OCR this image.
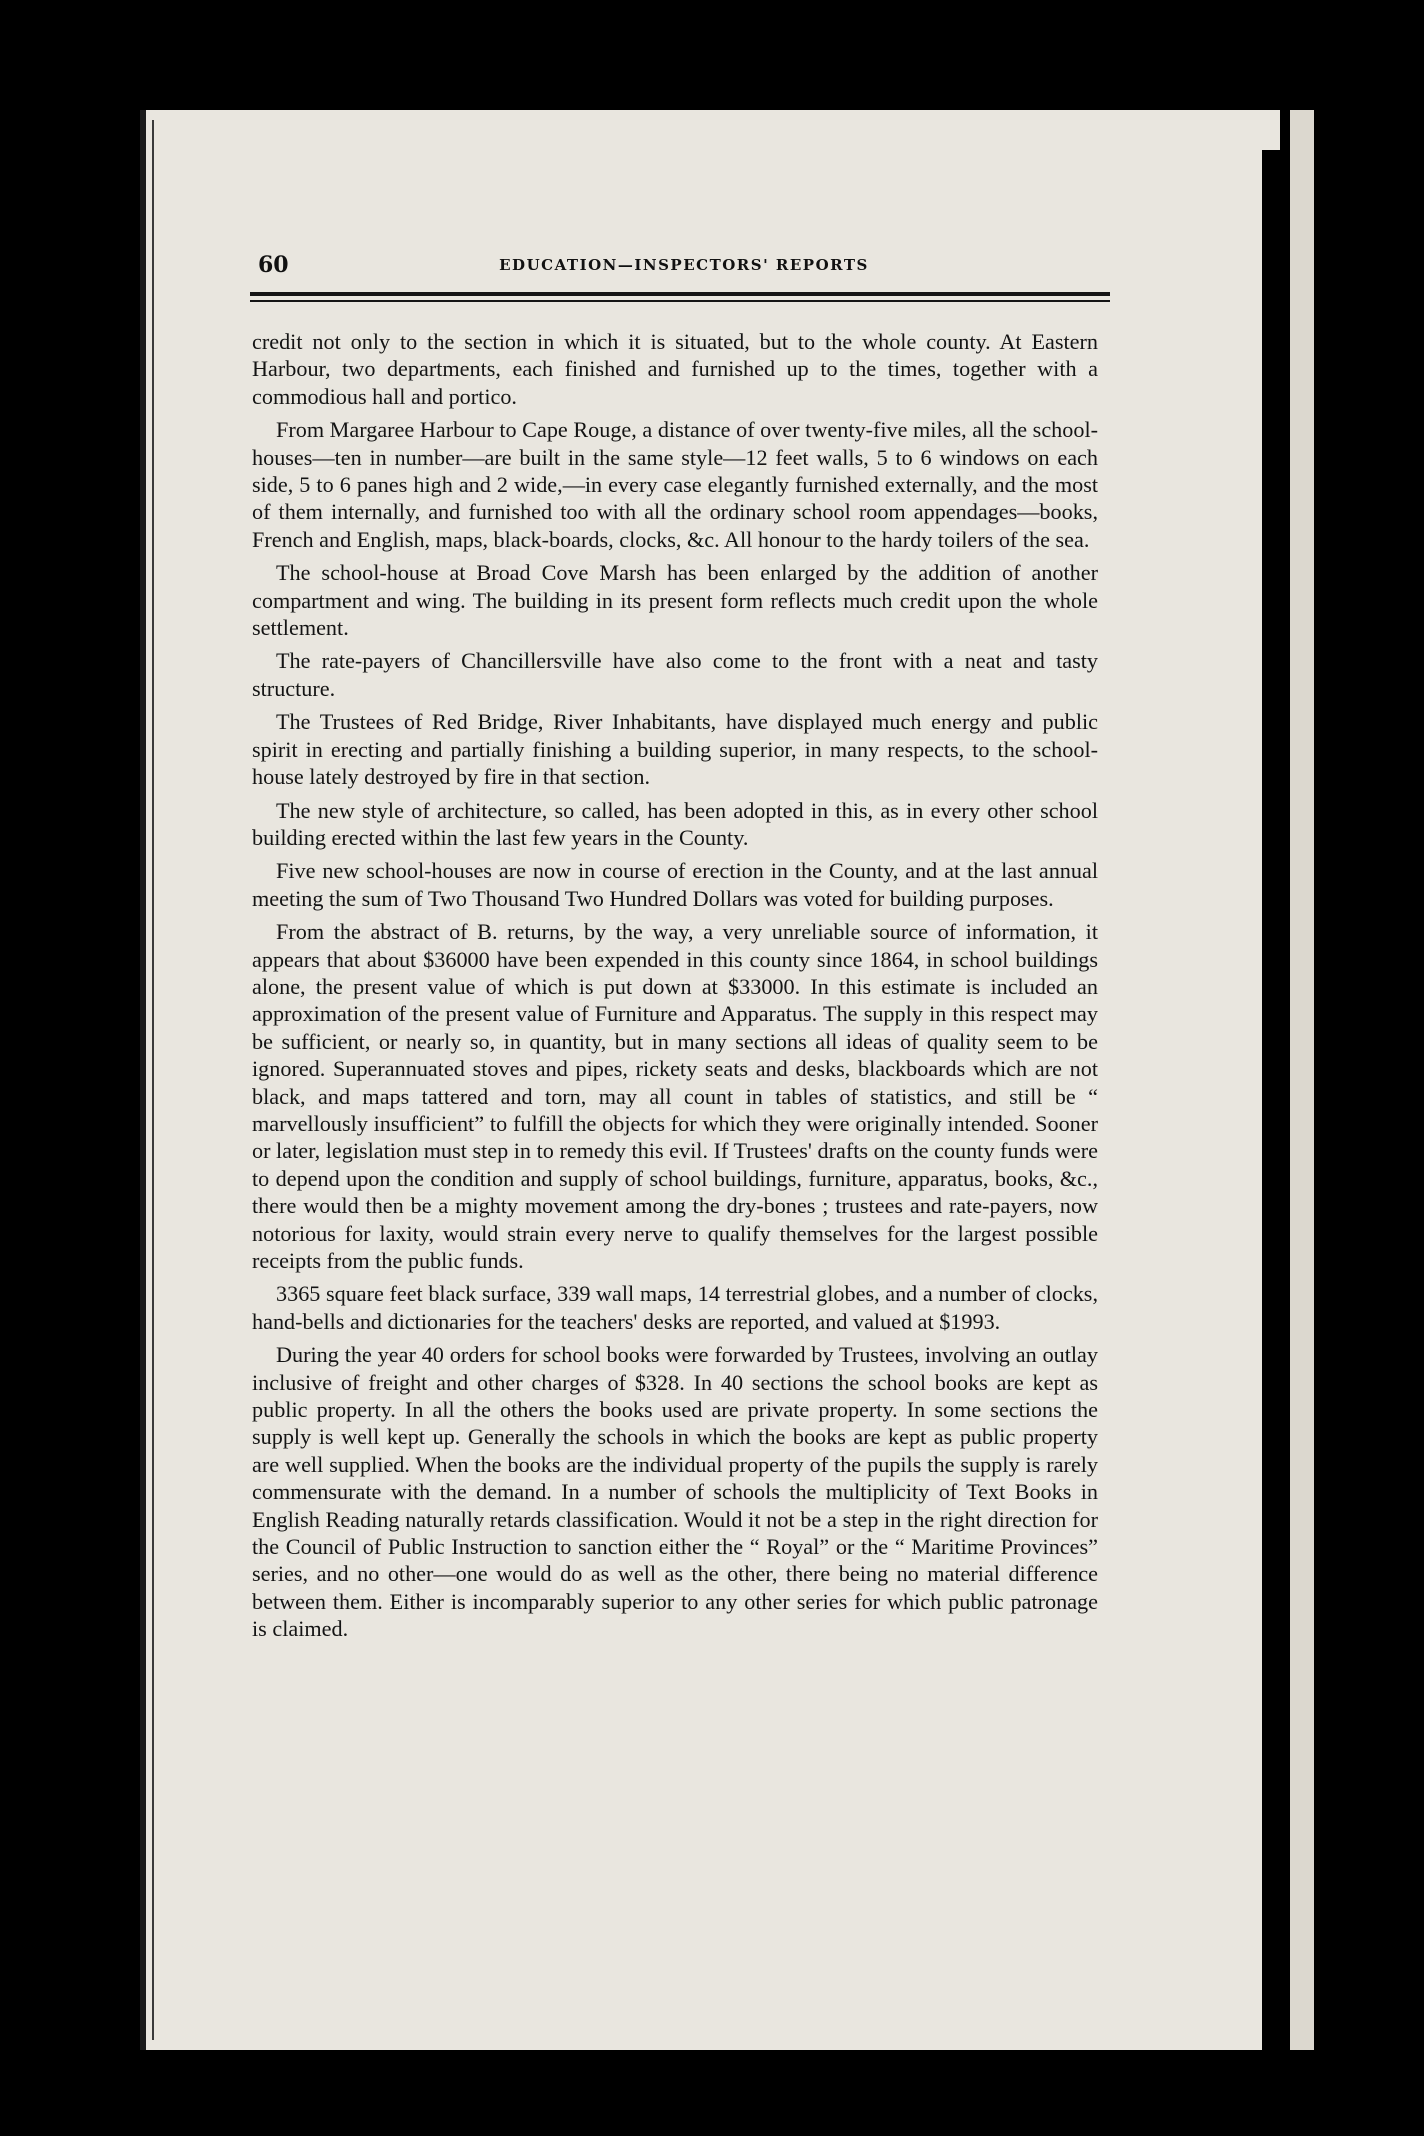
60	EDUCATION—INSPECTORS' REPORTS

credit not only to the section in which it is situated, but to the whole county. At Eastern Harbour, two departments, each finished and furnished up to the times, together with a commodious hall and portico.

From Margaree Harbour to Cape Rouge, a distance of over twenty-five miles, all the school-houses—ten in number—are built in the same style—12 feet walls, 5 to 6 windows on each side, 5 to 6 panes high and 2 wide,—in every case elegantly furnished externally, and the most of them internally, and furnished too with all the ordinary school room appendages—books, French and English, maps, black-boards, clocks, &c. All honour to the hardy toilers of the sea.

The school-house at Broad Cove Marsh has been enlarged by the addition of another compartment and wing. The building in its present form reflects much credit upon the whole settlement.

The rate-payers of Chancillersville have also come to the front with a neat and tasty structure.

The Trustees of Red Bridge, River Inhabitants, have displayed much energy and public spirit in erecting and partially finishing a building superior, in many respects, to the school-house lately destroyed by fire in that section.

The new style of architecture, so called, has been adopted in this, as in every other school building erected within the last few years in the County.

Five new school-houses are now in course of erection in the County, and at the last annual meeting the sum of Two Thousand Two Hundred Dollars was voted for building purposes.

From the abstract of B. returns, by the way, a very unreliable source of information, it appears that about $36000 have been expended in this county since 1864, in school buildings alone, the present value of which is put down at $33000. In this estimate is included an approximation of the present value of Furniture and Apparatus. The supply in this respect may be sufficient, or nearly so, in quantity, but in many sections all ideas of quality seem to be ignored. Superannuated stoves and pipes, rickety seats and desks, blackboards which are not black, and maps tattered and torn, may all count in tables of statistics, and still be “ marvellously insufficient” to fulfill the objects for which they were originally intended. Sooner or later, legislation must step in to remedy this evil. If Trustees' drafts on the county funds were to depend upon the condition and supply of school buildings, furniture, apparatus, books, &c., there would then be a mighty movement among the dry-bones ; trustees and rate-payers, now notorious for laxity, would strain every nerve to qualify themselves for the largest possible receipts from the public funds.

3365 square feet black surface, 339 wall maps, 14 terrestrial globes, and a number of clocks, hand-bells and dictionaries for the teachers' desks are reported, and valued at $1993.

During the year 40 orders for school books were forwarded by Trustees, involving an outlay inclusive of freight and other charges of $328. In 40 sections the school books are kept as public property. In all the others the books used are private property. In some sections the supply is well kept up. Generally the schools in which the books are kept as public property are well supplied. When the books are the individual property of the pupils the supply is rarely commensurate with the demand. In a number of schools the multiplicity of Text Books in English Reading naturally retards classification. Would it not be a step in the right direction for the Council of Public Instruction to sanction either the “ Royal” or the “ Maritime Provinces” series, and no other—one would do as well as the other, there being no material difference between them. Either is incomparably superior to any other series for which public patronage is claimed.
